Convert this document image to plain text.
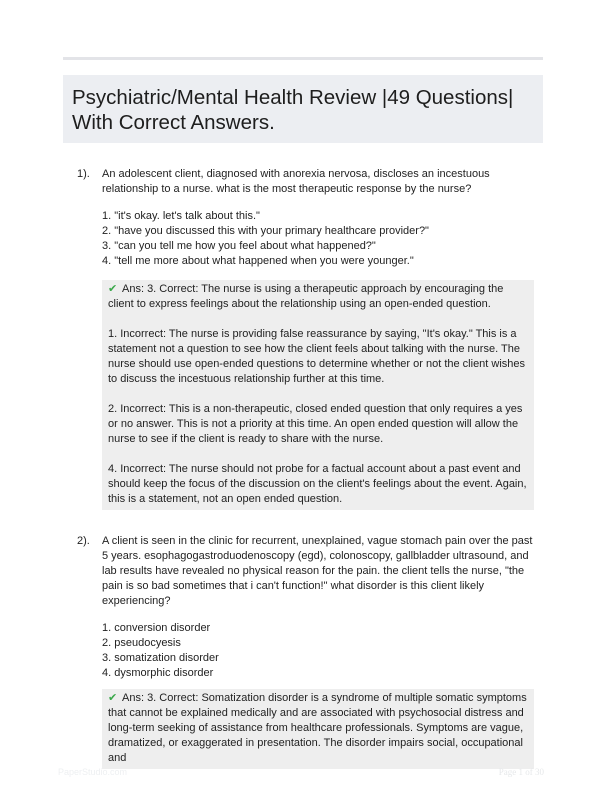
Psychiatric/Mental Health Review |49 Questions| With Correct Answers.
1). An adolescent client, diagnosed with anorexia nervosa, discloses an incestuous relationship to a nurse. what is the most therapeutic response by the nurse?
1. "it's okay. let's talk about this."
2. "have you discussed this with your primary healthcare provider?"
3. "can you tell me how you feel about what happened?"
4. "tell me more about what happened when you were younger."

✔ Ans: 3. Correct: The nurse is using a therapeutic approach by encouraging the client to express feelings about the relationship using an open-ended question.

1. Incorrect: The nurse is providing false reassurance by saying, "It's okay." This is a statement not a question to see how the client feels about talking with the nurse. The nurse should use open-ended questions to determine whether or not the client wishes to discuss the incestuous relationship further at this time.

2. Incorrect: This is a non-therapeutic, closed ended question that only requires a yes or no answer. This is not a priority at this time. An open ended question will allow the nurse to see if the client is ready to share with the nurse.

4. Incorrect: The nurse should not probe for a factual account about a past event and should keep the focus of the discussion on the client's feelings about the event. Again, this is a statement, not an open ended question.

2). A client is seen in the clinic for recurrent, unexplained, vague stomach pain over the past 5 years. esophagogastroduodenoscopy (egd), colonoscopy, gallbladder ultrasound, and lab results have revealed no physical reason for the pain. the client tells the nurse, "the pain is so bad sometimes that i can't function!" what disorder is this client likely experiencing?
1. conversion disorder
2. pseudocyesis
3. somatization disorder
4. dysmorphic disorder

✔ Ans: 3. Correct: Somatization disorder is a syndrome of multiple somatic symptoms that cannot be explained medically and are associated with psychosocial distress and long-term seeking of assistance from healthcare professionals. Symptoms are vague, dramatized, or exaggerated in presentation. The disorder impairs social, occupational and

PaperStudio.com	Page 1 of 30
